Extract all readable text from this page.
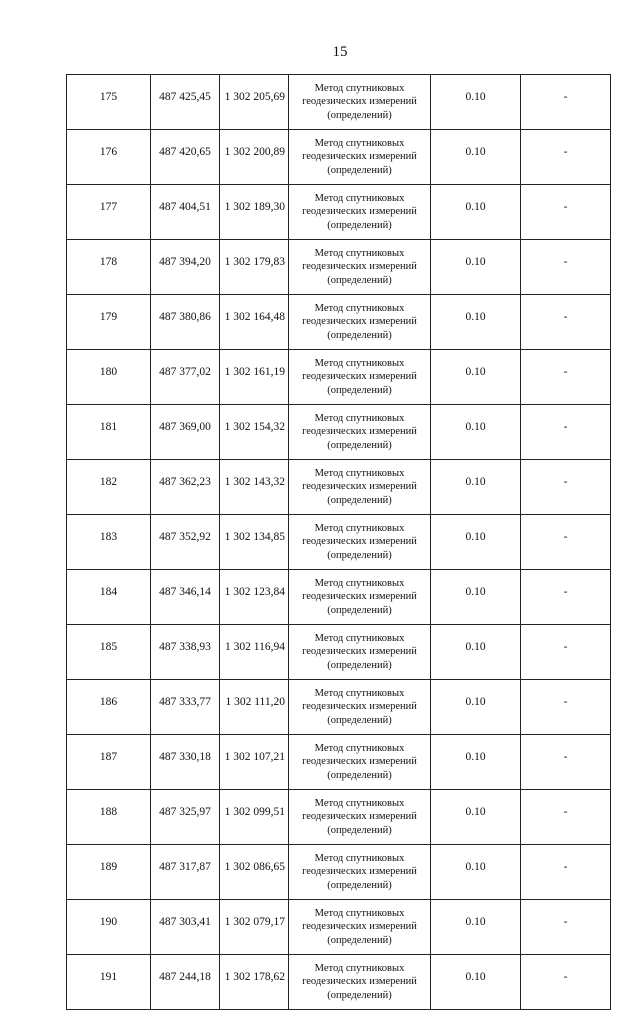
15
175	487 425,45	1 302 205,69	Метод спутниковых
геодезических измерений
(определений)	0.10	-
176	487 420,65	1 302 200,89	Метод спутниковых
геодезических измерений
(определений)	0.10	-
177	487 404,51	1 302 189,30	Метод спутниковых
геодезических измерений
(определений)	0.10	-
178	487 394,20	1 302 179,83	Метод спутниковых
геодезических измерений
(определений)	0.10	-
179	487 380,86	1 302 164,48	Метод спутниковых
геодезических измерений
(определений)	0.10	-
180	487 377,02	1 302 161,19	Метод спутниковых
геодезических измерений
(определений)	0.10	-
181	487 369,00	1 302 154,32	Метод спутниковых
геодезических измерений
(определений)	0.10	-
182	487 362,23	1 302 143,32	Метод спутниковых
геодезических измерений
(определений)	0.10	-
183	487 352,92	1 302 134,85	Метод спутниковых
геодезических измерений
(определений)	0.10	-
184	487 346,14	1 302 123,84	Метод спутниковых
геодезических измерений
(определений)	0.10	-
185	487 338,93	1 302 116,94	Метод спутниковых
геодезических измерений
(определений)	0.10	-
186	487 333,77	1 302 111,20	Метод спутниковых
геодезических измерений
(определений)	0.10	-
187	487 330,18	1 302 107,21	Метод спутниковых
геодезических измерений
(определений)	0.10	-
188	487 325,97	1 302 099,51	Метод спутниковых
геодезических измерений
(определений)	0.10	-
189	487 317,87	1 302 086,65	Метод спутниковых
геодезических измерений
(определений)	0.10	-
190	487 303,41	1 302 079,17	Метод спутниковых
геодезических измерений
(определений)	0.10	-
191	487 244,18	1 302 178,62	Метод спутниковых
геодезических измерений
(определений)	0.10	-
